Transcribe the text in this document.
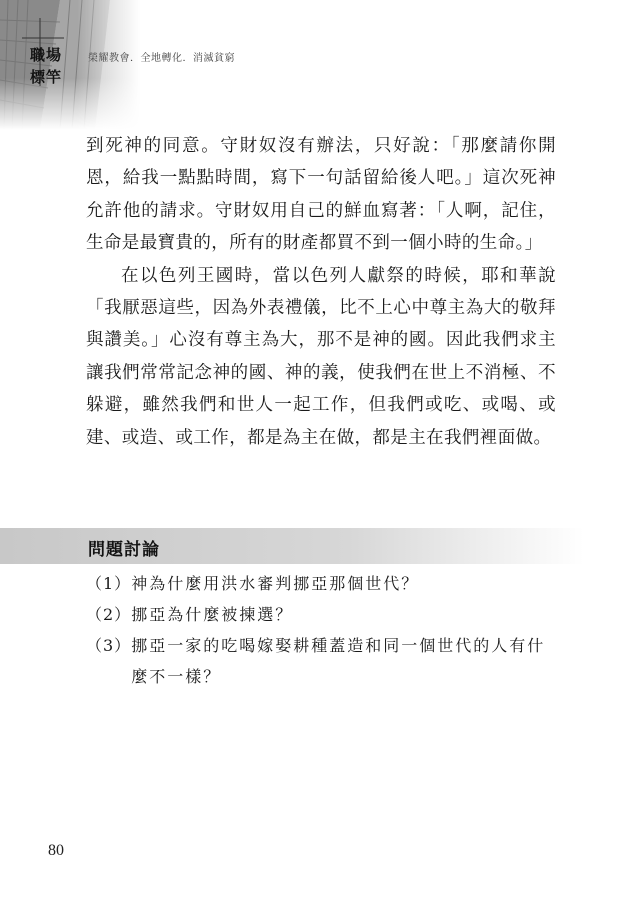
職場
標竿
榮耀教會．全地轉化．消滅貧窮

到死神的同意。守財奴沒有辦法，只好說：「那麼請你開恩，給我一點點時間，寫下一句話留給後人吧。」這次死神允許他的請求。守財奴用自己的鮮血寫著：「人啊，記住，生命是最寶貴的，所有的財產都買不到一個小時的生命。」

在以色列王國時，當以色列人獻祭的時候，耶和華說「我厭惡這些，因為外表禮儀，比不上心中尊主為大的敬拜與讚美。」心沒有尊主為大，那不是神的國。因此我們求主讓我們常常記念神的國、神的義，使我們在世上不消極、不躲避，雖然我們和世人一起工作，但我們或吃、或喝、或建、或造、或工作，都是為主在做，都是主在我們裡面做。

問題討論
（1） 神為什麼用洪水審判挪亞那個世代？
（2） 挪亞為什麼被揀選？
（3） 挪亞一家的吃喝嫁娶耕種蓋造和同一個世代的人有什麼不一樣？
80
